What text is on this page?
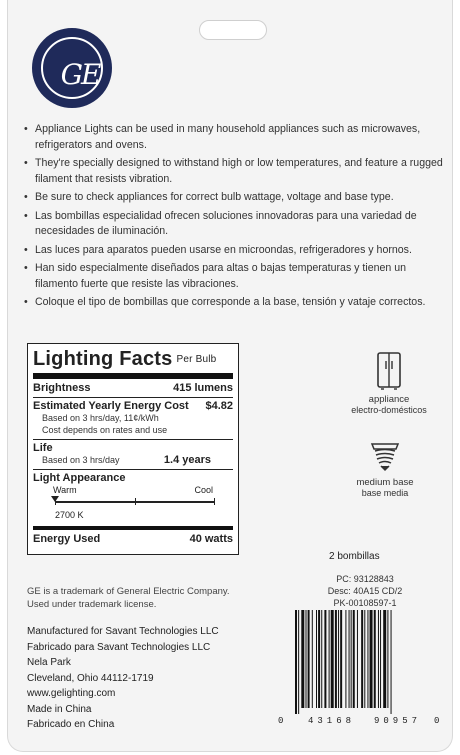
GE
• Appliance Lights can be used in many household appliances such as microwaves, refrigerators and ovens.
• They're specially designed to withstand high or low temperatures, and feature a rugged filament that resists vibration.
• Be sure to check appliances for correct bulb wattage, voltage and base type.
• Las bombillas especialidad ofrecen soluciones innovadoras para una variedad de necesidades de iluminación.
• Las luces para aparatos pueden usarse en microondas, refrigeradores y hornos.
• Han sido especialmente diseñados para altas o bajas temperaturas y tienen un filamento fuerte que resiste las vibraciones.
• Coloque el tipo de bombillas que corresponde a la base, tensión y vataje correctos.
Lighting Facts Per Bulb
Brightness	415 lumens
Estimated Yearly Energy Cost $4.82
Based on 3 hrs/day, 11¢/kWh
Cost depends on rates and use
Life
Based on 3 hrs/day	1.4 years
Light Appearance
Warm	Cool
2700 K
Energy Used	40 watts
appliance
electro-domésticos
medium base
base media
GE is a trademark of General Electric Company. Used under trademark license.
Manufactured for Savant Technologies LLC
Fabricado para Savant Technologies LLC
Nela Park
Cleveland, Ohio 44112-1719
www.gelighting.com
Made in China
Fabricado en China
2 bombillas
PC: 93128843
Desc: 40A15 CD/2
PK-00108597-1
0	43168 90957 0
